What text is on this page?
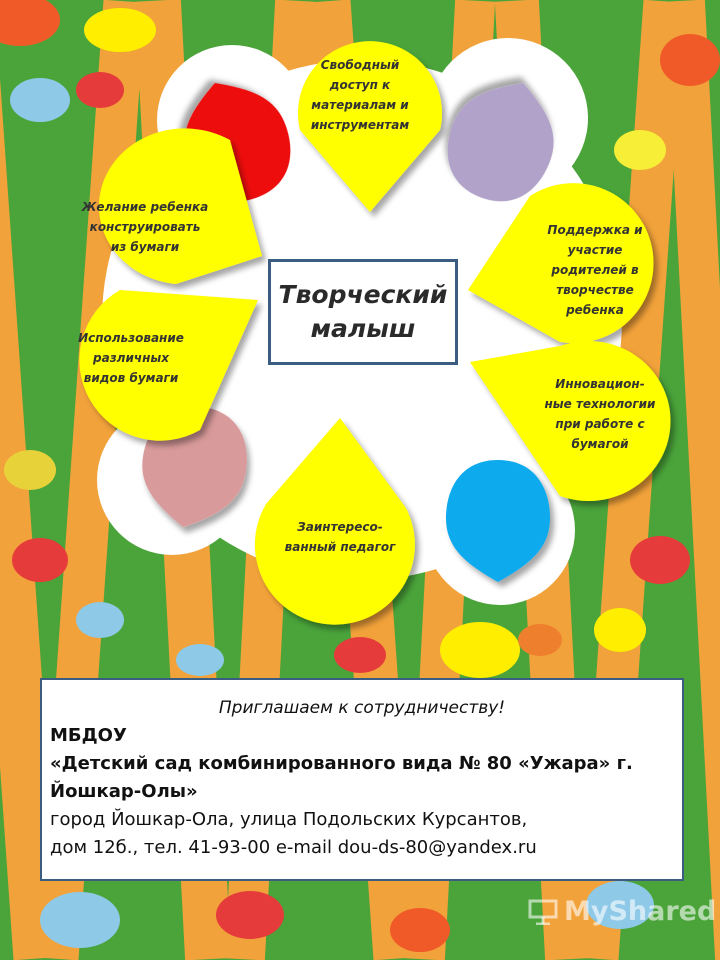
Свободный
доступ к
материалам и
инструментам
Желание ребенка
конструировать
из бумаги
Поддержка и
участие
родителей в
творчестве
ребенка
Использование
различных
видов бумаги	Инновацион-
ные технологии
при работе с
бумагой
Заинтересо-
ванный педагог
Творческий
малыш
Приглашаем к сотрудничеству!
МБДОУ
«Детский сад комбинированного вида № 80 «Ужара» г.
Йошкар-Олы»
город Йошкар-Ола, улица Подольских Курсантов,
дом 12б., тел. 41-93-00 e-mail dou-ds-80@yandex.ru
MyShared
